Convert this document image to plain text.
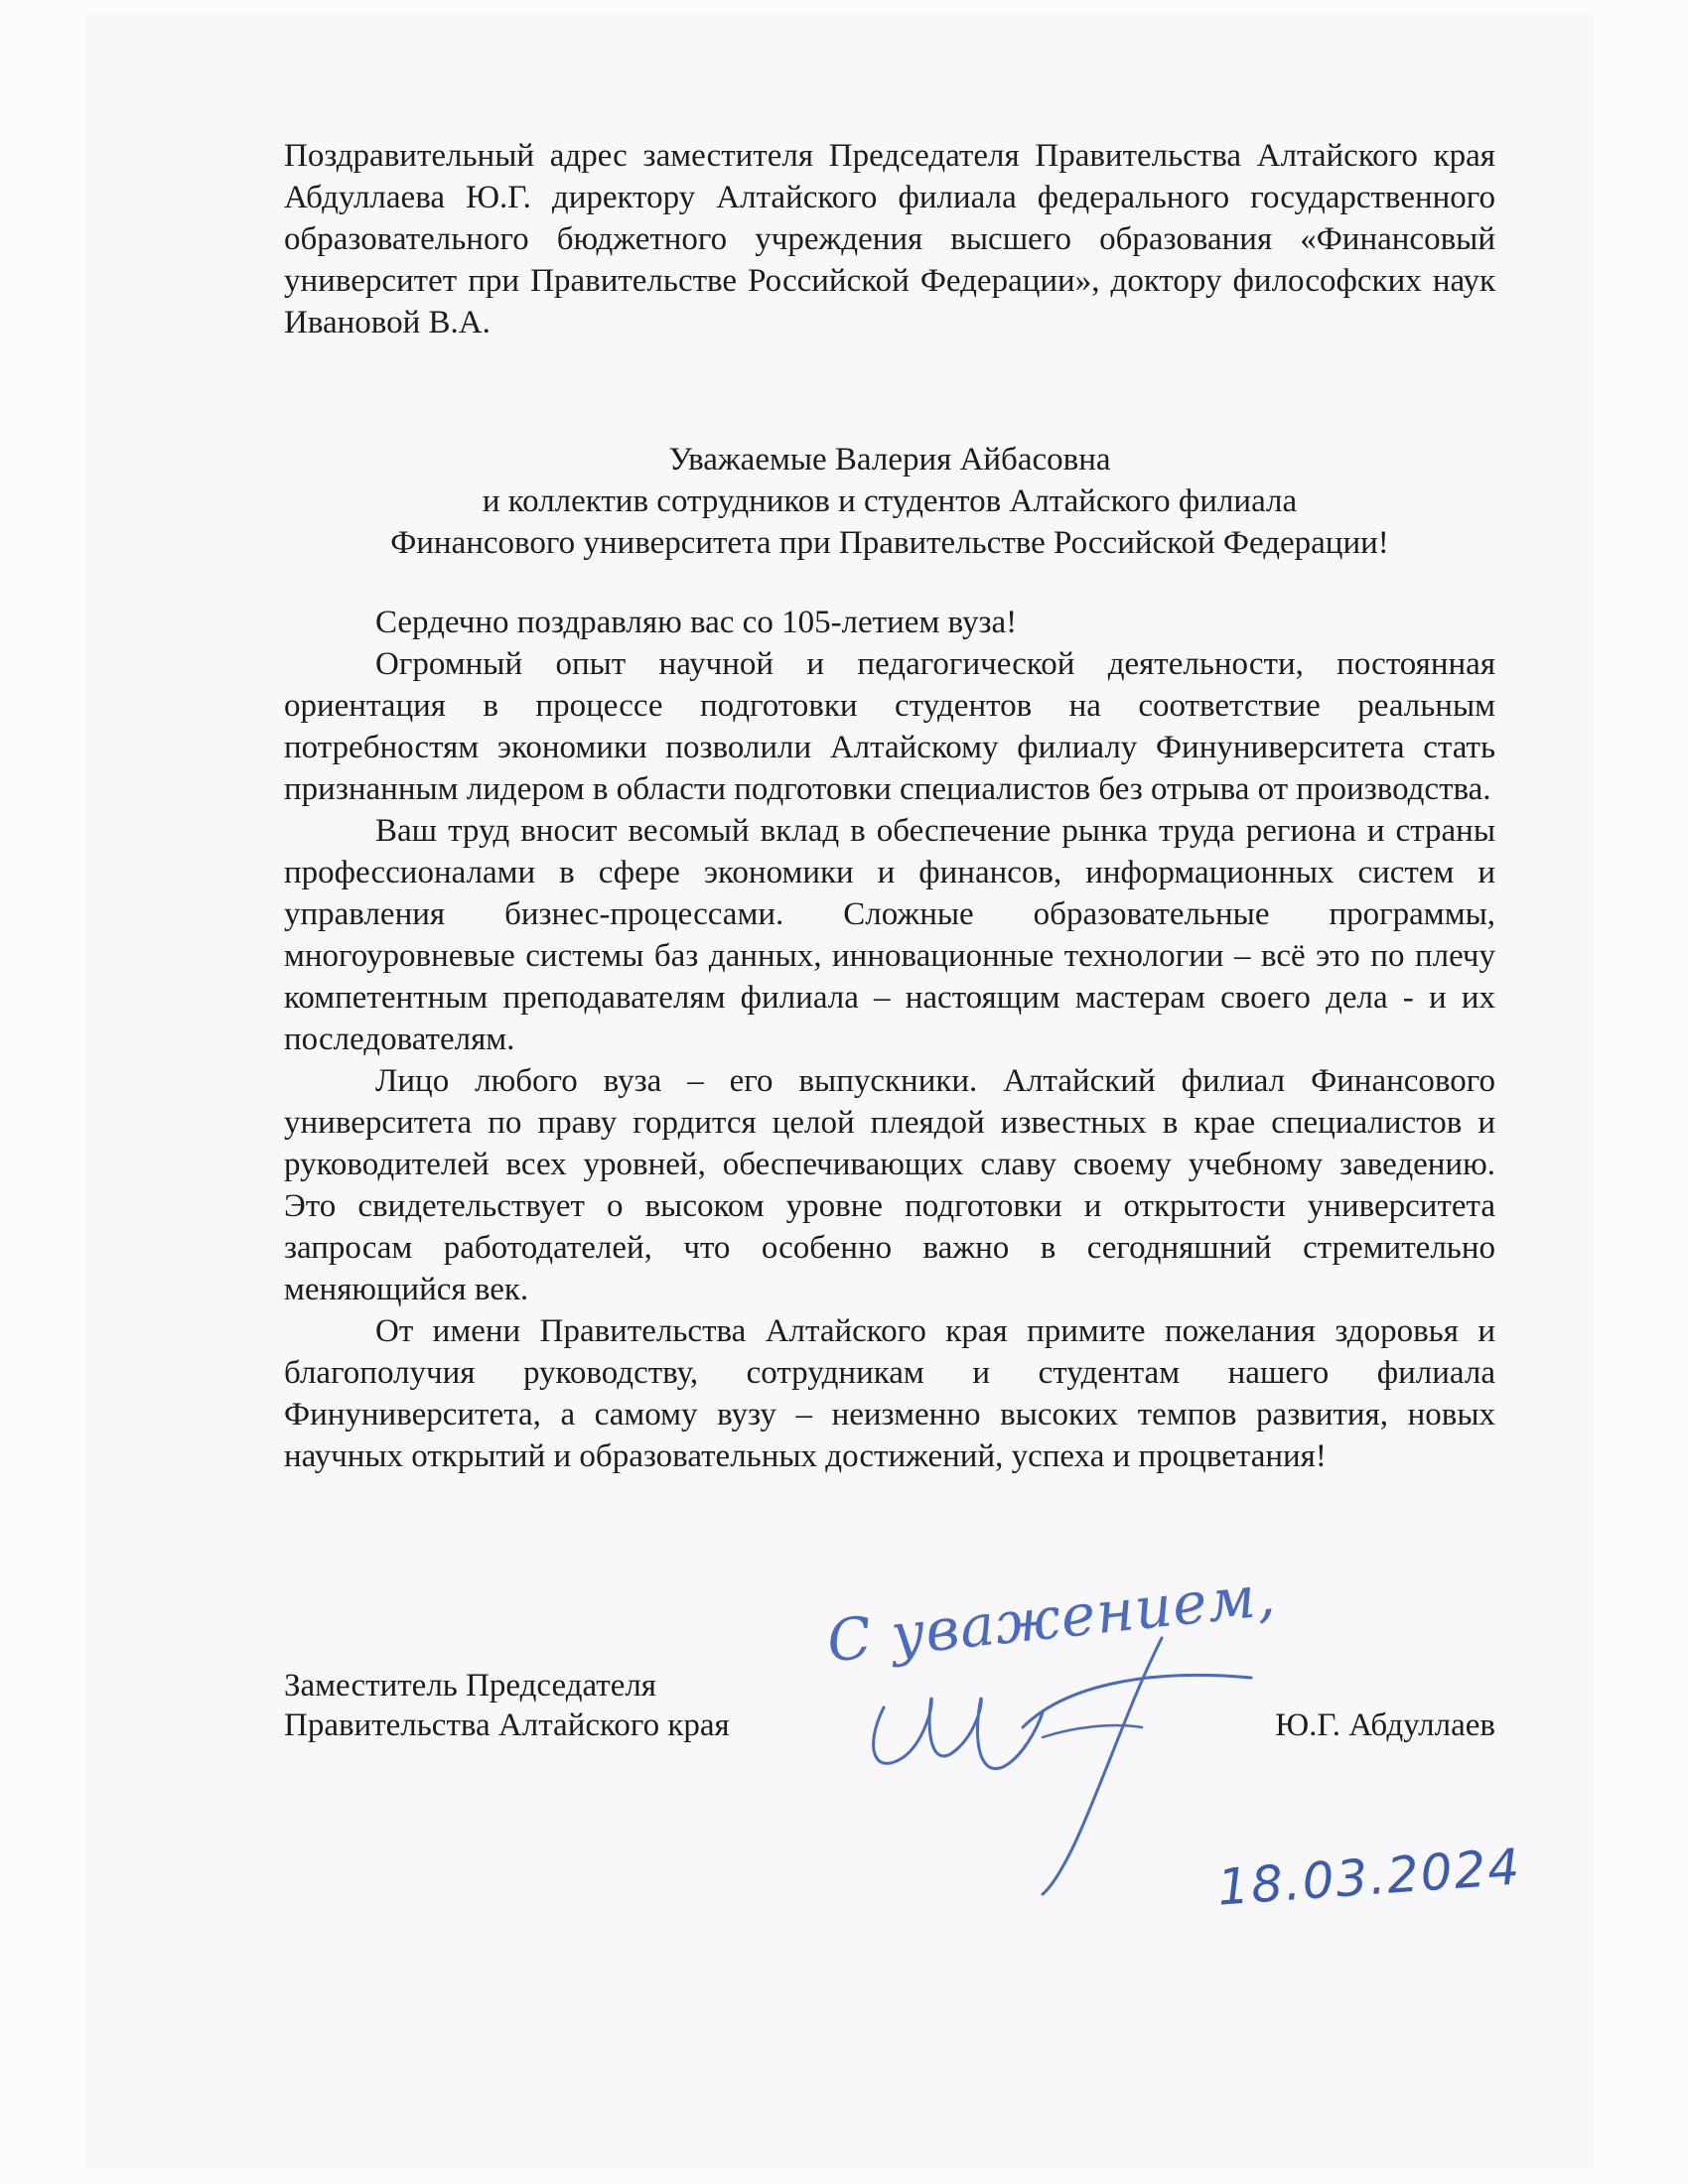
Поздравительный адрес заместителя Председателя Правительства Алтайского края Абдуллаева Ю.Г. директору Алтайского филиала федерального государственного образовательного бюджетного учреждения высшего образования «Финансовый университет при Правительстве Российской Федерации», доктору философских наук Ивановой В.А.

Уважаемые Валерия Айбасовна
и коллектив сотрудников и студентов Алтайского филиала
Финансового университета при Правительстве Российской Федерации!

Сердечно поздравляю вас со 105-летием вуза!

Огромный опыт научной и педагогической деятельности, постоянная ориентация в процессе подготовки студентов на соответствие реальным потребностям экономики позволили Алтайскому филиалу Финуниверситета стать признанным лидером в области подготовки специалистов без отрыва от производства.

Ваш труд вносит весомый вклад в обеспечение рынка труда региона и страны профессионалами в сфере экономики и финансов, информационных систем и управления бизнес-процессами. Сложные образовательные программы, многоуровневые системы баз данных, инновационные технологии – всё это по плечу компетентным преподавателям филиала – настоящим мастерам своего дела - и их последователям.

Лицо любого вуза – его выпускники. Алтайский филиал Финансового университета по праву гордится целой плеядой известных в крае специалистов и руководителей всех уровней, обеспечивающих славу своему учебному заведению. Это свидетельствует о высоком уровне подготовки и открытости университета запросам работодателей, что особенно важно в сегодняшний стремительно меняющийся век.

От имени Правительства Алтайского края примите пожелания здоровья и благополучия руководству, сотрудникам и студентам нашего филиала Финуниверситета, а самому вузу – неизменно высоких темпов развития, новых научных открытий и образовательных достижений, успеха и процветания!

С уважением,
Заместитель Председателя
Правительства Алтайского края	Ю.Г. Абдуллаев
18.03.2024
